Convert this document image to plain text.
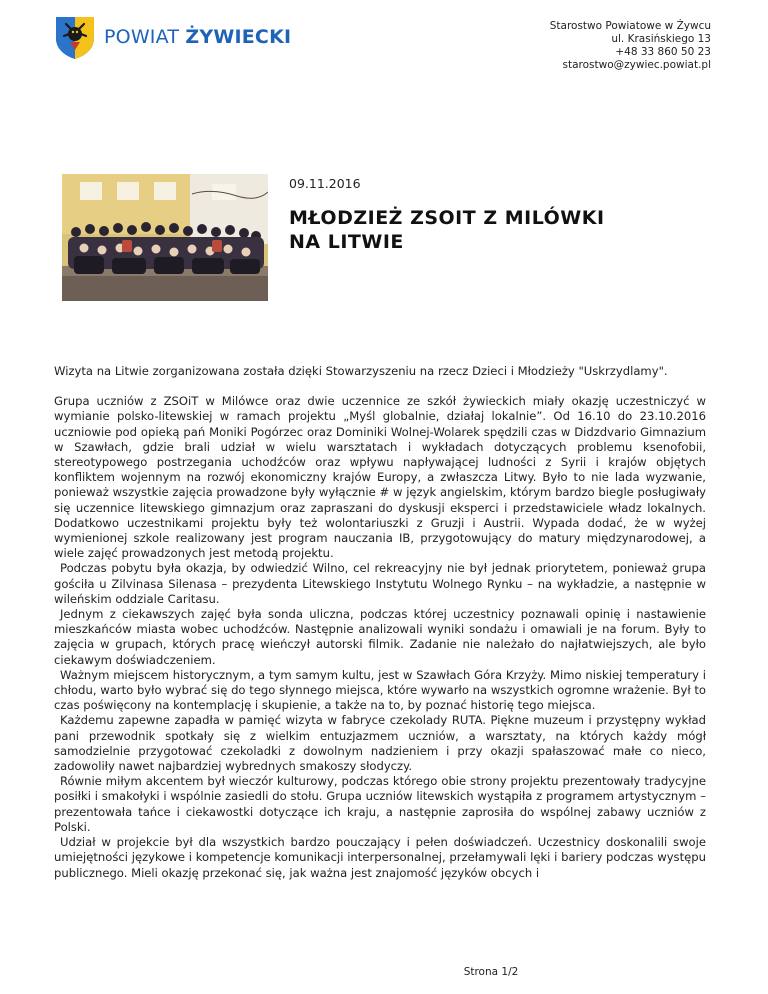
POWIAT ŻYWIECKI	Starostwo Powiatowe w Żywcu
ul. Krasińskiego 13
+48 33 860 50 23
starostwo@zywiec.powiat.pl
09.11.2016
MŁODZIEŻ ZSOIT Z MILÓWKI NA LITWIE

Wizyta na Litwie zorganizowana została dzięki Stowarzyszeniu na rzecz Dzieci i Młodzieży "Uskrzydlamy".

Grupa uczniów z ZSOiT w Milówce oraz dwie uczennice ze szkół żywieckich miały okazję uczestniczyć w wymianie polsko-litewskiej w ramach projektu „Myśl globalnie, działaj lokalnie”. Od 16.10 do 23.10.2016 uczniowie pod opieką pań Moniki Pogórzec oraz Dominiki Wolnej-Wolarek spędzili czas w Didzdvario Gimnazium w Szawłach, gdzie brali udział w wielu warsztatach i wykładach dotyczących problemu ksenofobii, stereotypowego postrzegania uchodźców oraz wpływu napływającej ludności z Syrii i krajów objętych konfliktem wojennym na rozwój ekonomiczny krajów Europy, a zwłaszcza Litwy. Było to nie lada wyzwanie, ponieważ wszystkie zajęcia prowadzone były wyłącznie # w język angielskim, którym bardzo biegle posługiwały się uczennice litewskiego gimnazjum oraz zapraszani do dyskusji eksperci i przedstawiciele władz lokalnych. Dodatkowo uczestnikami projektu były też wolontariuszki z Gruzji i Austrii. Wypada dodać, że w wyżej wymienionej szkole realizowany jest program nauczania IB, przygotowujący do matury międzynarodowej, a wiele zajęć prowadzonych jest metodą projektu.

Podczas pobytu była okazja, by odwiedzić Wilno, cel rekreacyjny nie był jednak priorytetem, ponieważ grupa gościła u Zilvinasa Silenasa – prezydenta Litewskiego Instytutu Wolnego Rynku – na wykładzie, a następnie w wileńskim oddziale Caritasu.

Jednym z ciekawszych zajęć była sonda uliczna, podczas której uczestnicy poznawali opinię i nastawienie mieszkańców miasta wobec uchodźców. Następnie analizowali wyniki sondażu i omawiali je na forum. Były to zajęcia w grupach, których pracę wieńczył autorski filmik. Zadanie nie należało do najłatwiejszych, ale było ciekawym doświadczeniem.

Ważnym miejscem historycznym, a tym samym kultu, jest w Szawłach Góra Krzyży. Mimo niskiej temperatury i chłodu, warto było wybrać się do tego słynnego miejsca, które wywarło na wszystkich ogromne wrażenie. Był to czas poświęcony na kontemplację i skupienie, a także na to, by poznać historię tego miejsca.

Każdemu zapewne zapadła w pamięć wizyta w fabryce czekolady RUTA. Piękne muzeum i przystępny wykład pani przewodnik spotkały się z wielkim entuzjazmem uczniów, a warsztaty, na których każdy mógł samodzielnie przygotować czekoladki z dowolnym nadzieniem i przy okazji spałaszować małe co nieco, zadowoliły nawet najbardziej wybrednych smakoszy słodyczy.

Równie miłym akcentem był wieczór kulturowy, podczas którego obie strony projektu prezentowały tradycyjne posiłki i smakołyki i wspólnie zasiedli do stołu. Grupa uczniów litewskich wystąpiła z programem artystycznym – prezentowała tańce i ciekawostki dotyczące ich kraju, a następnie zaprosiła do wspólnej zabawy uczniów z Polski.

Udział w projekcie był dla wszystkich bardzo pouczający i pełen doświadczeń. Uczestnicy doskonalili swoje umiejętności językowe i kompetencje komunikacji interpersonalnej, przełamywali lęki i bariery podczas występu publicznego. Mieli okazję przekonać się, jak ważna jest znajomość języków obcych i

Strona 1/2
